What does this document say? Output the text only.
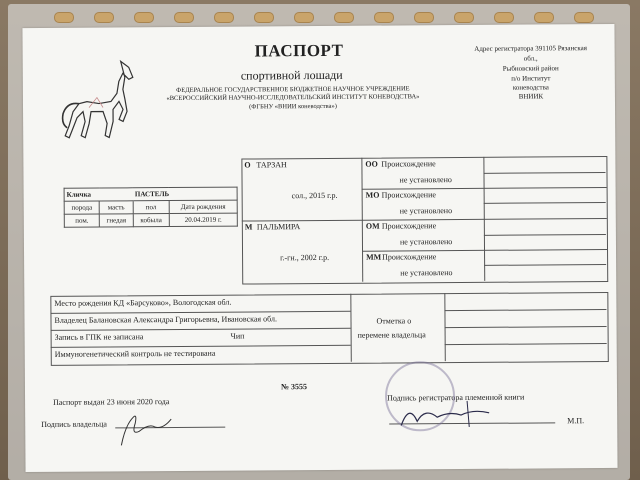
ПАСПОРТ
спортивной лошади
ФЕДЕРАЛЬНОЕ ГОСУДАРСТВЕННОЕ БЮДЖЕТНОЕ НАУЧНОЕ УЧРЕЖДЕНИЕ
«ВСЕРОССИЙСКИЙ НАУЧНО-ИССЛЕДОВАТЕЛЬСКИЙ ИНСТИТУТ КОНЕВОДСТВА»
(ФГБНУ «ВНИИ коневодства»)
Адрес регистратора 391105 Рязанская
обл.,
Рыбновский район
п/о Институт
коневодства
ВНИИК
Кличка		ПАСТЕЛЬ	
порода	масть	пол	Дата рождения
пом.	гнедая	кобыла	20.04.2019 г.
О ТАРЗАН
сол., 2015 г.р.
М ПАЛЬМИРА
г.-гн., 2002 г.р.
ОО Происхождение
не установлено
МО Происхождение
не установлено
ОМ Происхождение
не установлено
ММ Происхождение
не установлено
Место рождения КД «Барсуково», Вологодская обл.
Владелец Балановская Александра Григорьевна, Ивановская обл.
Запись в ГПК не записана	Чип
Иммуногенетический контроль не тестирована
Отметка о
перемене владельца
№ 3555
Паспорт выдан 23 июня 2020 года
Подпись владельца
Подпись регистратора племенной книги
М.П.
